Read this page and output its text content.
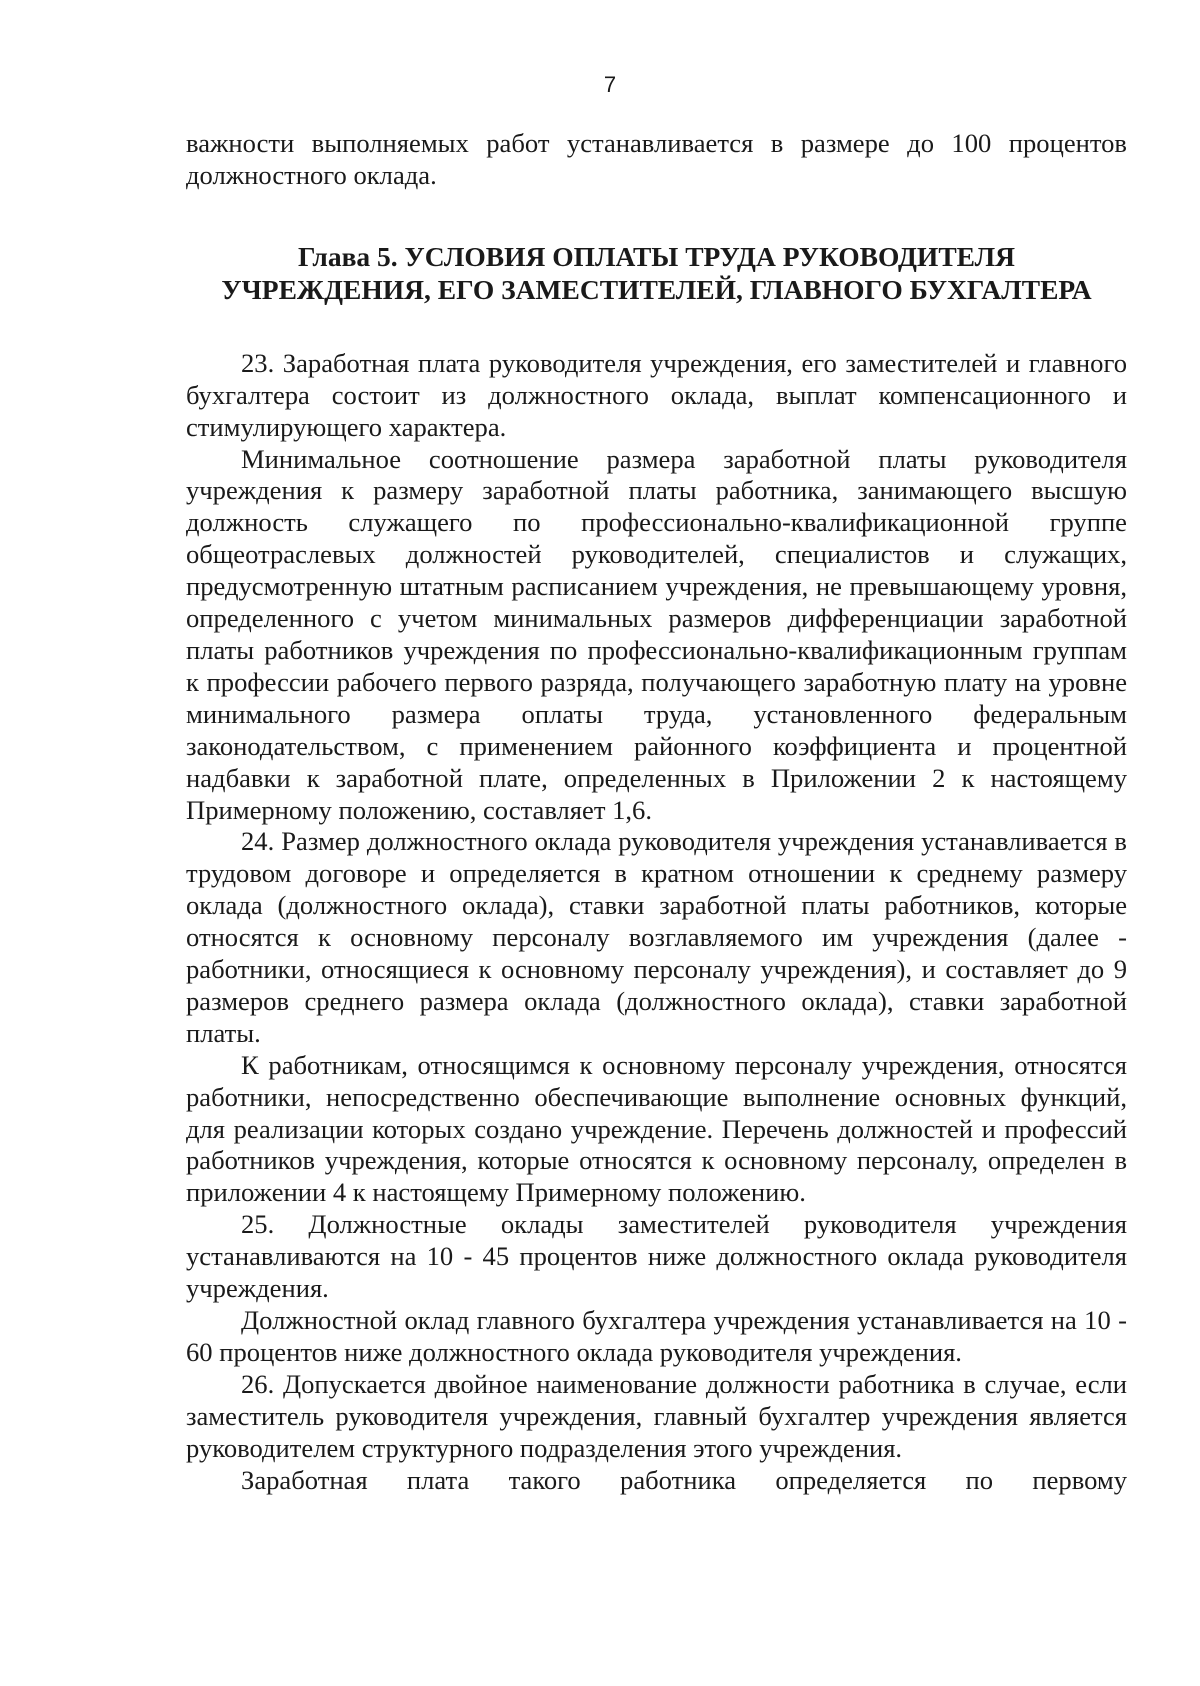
7

важности выполняемых работ устанавливается в размере до 100 процентов должностного оклада.

Глава 5. УСЛОВИЯ ОПЛАТЫ ТРУДА РУКОВОДИТЕЛЯ
УЧРЕЖДЕНИЯ, ЕГО ЗАМЕСТИТЕЛЕЙ, ГЛАВНОГО БУХГАЛТЕРА

23. Заработная плата руководителя учреждения, его заместителей и главного бухгалтера состоит из должностного оклада, выплат компенсационного и стимулирующего характера.

Минимальное соотношение размера заработной платы руководителя учреждения к размеру заработной платы работника, занимающего высшую должность служащего по профессионально-квалификационной группе общеотраслевых должностей руководителей, специалистов и служащих, предусмотренную штатным расписанием учреждения, не превышающему уровня, определенного с учетом минимальных размеров дифференциации заработной платы работников учреждения по профессионально-квалификационным группам к профессии рабочего первого разряда, получающего заработную плату на уровне минимального размера оплаты труда, установленного федеральным законодательством, с применением районного коэффициента и процентной надбавки к заработной плате, определенных в Приложении 2 к настоящему Примерному положению, составляет 1,6.

24. Размер должностного оклада руководителя учреждения устанавливается в трудовом договоре и определяется в кратном отношении к среднему размеру оклада (должностного оклада), ставки заработной платы работников, которые относятся к основному персоналу возглавляемого им учреждения (далее - работники, относящиеся к основному персоналу учреждения), и составляет до 9 размеров среднего размера оклада (должностного оклада), ставки заработной платы.

К работникам, относящимся к основному персоналу учреждения, относятся работники, непосредственно обеспечивающие выполнение основных функций, для реализации которых создано учреждение. Перечень должностей и профессий работников учреждения, которые относятся к основному персоналу, определен в приложении 4 к настоящему Примерному положению.

25. Должностные оклады заместителей руководителя учреждения устанавливаются на 10 - 45 процентов ниже должностного оклада руководителя учреждения.

Должностной оклад главного бухгалтера учреждения устанавливается на 10 - 60 процентов ниже должностного оклада руководителя учреждения.

26. Допускается двойное наименование должности работника в случае, если заместитель руководителя учреждения, главный бухгалтер учреждения является руководителем структурного подразделения этого учреждения.

Заработная плата такого работника определяется по первому
